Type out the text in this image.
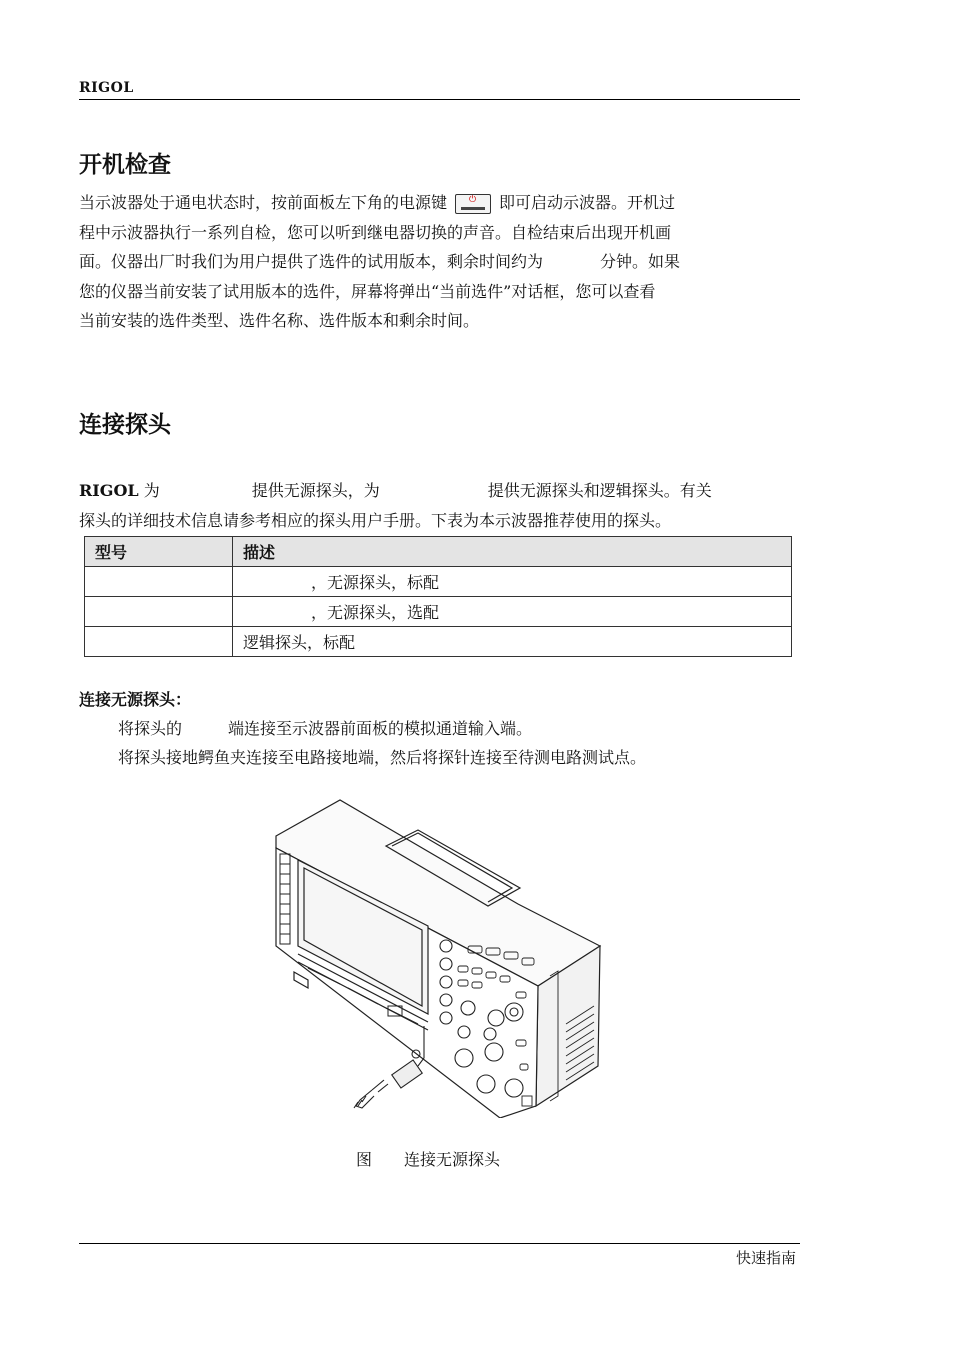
RIGOL
开机检查
当示波器处于通电状态时，按前面板左下角的电源键 ⏻ 即可启动示波器。开机过
程中示波器执行一系列自检，您可以听到继电器切换的声音。自检结束后出现开机画
面。仪器出厂时我们为用户提供了选件的试用版本，剩余时间约为	分钟。如果
您的仪器当前安装了试用版本的选件，屏幕将弹出“当前选件”对话框，您可以查看
当前安装的选件类型、选件名称、选件版本和剩余时间。
连接探头
RIGOL 为	提供无源探头，为	提供无源探头和逻辑探头。有关
探头的详细技术信息请参考相应的探头用户手册。下表为本示波器推荐使用的探头。
型号	描述
	，无源探头，标配
	，无源探头，选配
	逻辑探头，标配
连接无源探头：
将探头的	端连接至示波器前面板的模拟通道输入端。
将探头接地鳄鱼夹连接至电路接地端，然后将探针连接至待测电路测试点。
图 连接无源探头
快速指南
